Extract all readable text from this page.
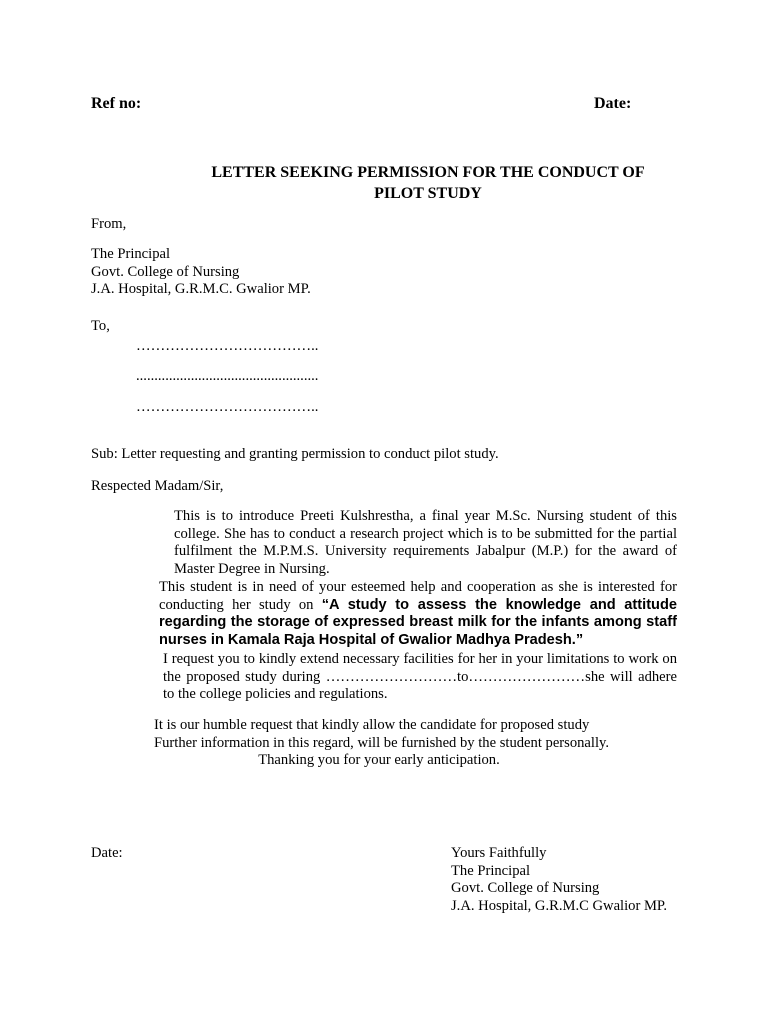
Ref no:	Date:
LETTER SEEKING PERMISSION FOR THE CONDUCT OF
PILOT STUDY
From,
The Principal
Govt. College of Nursing
J.A. Hospital, G.R.M.C. Gwalior MP.
To,
………………………………..
..................................................
………………………………..
Sub: Letter requesting and granting permission to conduct pilot study.
Respected Madam/Sir,
This is to introduce Preeti Kulshrestha, a final year M.Sc. Nursing student of this college. She has to conduct a research project which is to be submitted for the partial fulfilment the M.P.M.S. University requirements Jabalpur (M.P.) for the award of Master Degree in Nursing.
This student is in need of your esteemed help and cooperation as she is interested for conducting her study on “A study to assess the knowledge and attitude regarding the storage of expressed breast milk for the infants among staff nurses in Kamala Raja Hospital of Gwalior Madhya Pradesh.”
I request you to kindly extend necessary facilities for her in your limitations to work on the proposed study during ………………………to……………………she will adhere to the college policies and regulations.
It is our humble request that kindly allow the candidate for proposed study
Further information in this regard, will be furnished by the student personally.
Thanking you for your early anticipation.
Date:	Yours Faithfully
The Principal
Govt. College of Nursing
J.A. Hospital, G.R.M.C Gwalior MP.
